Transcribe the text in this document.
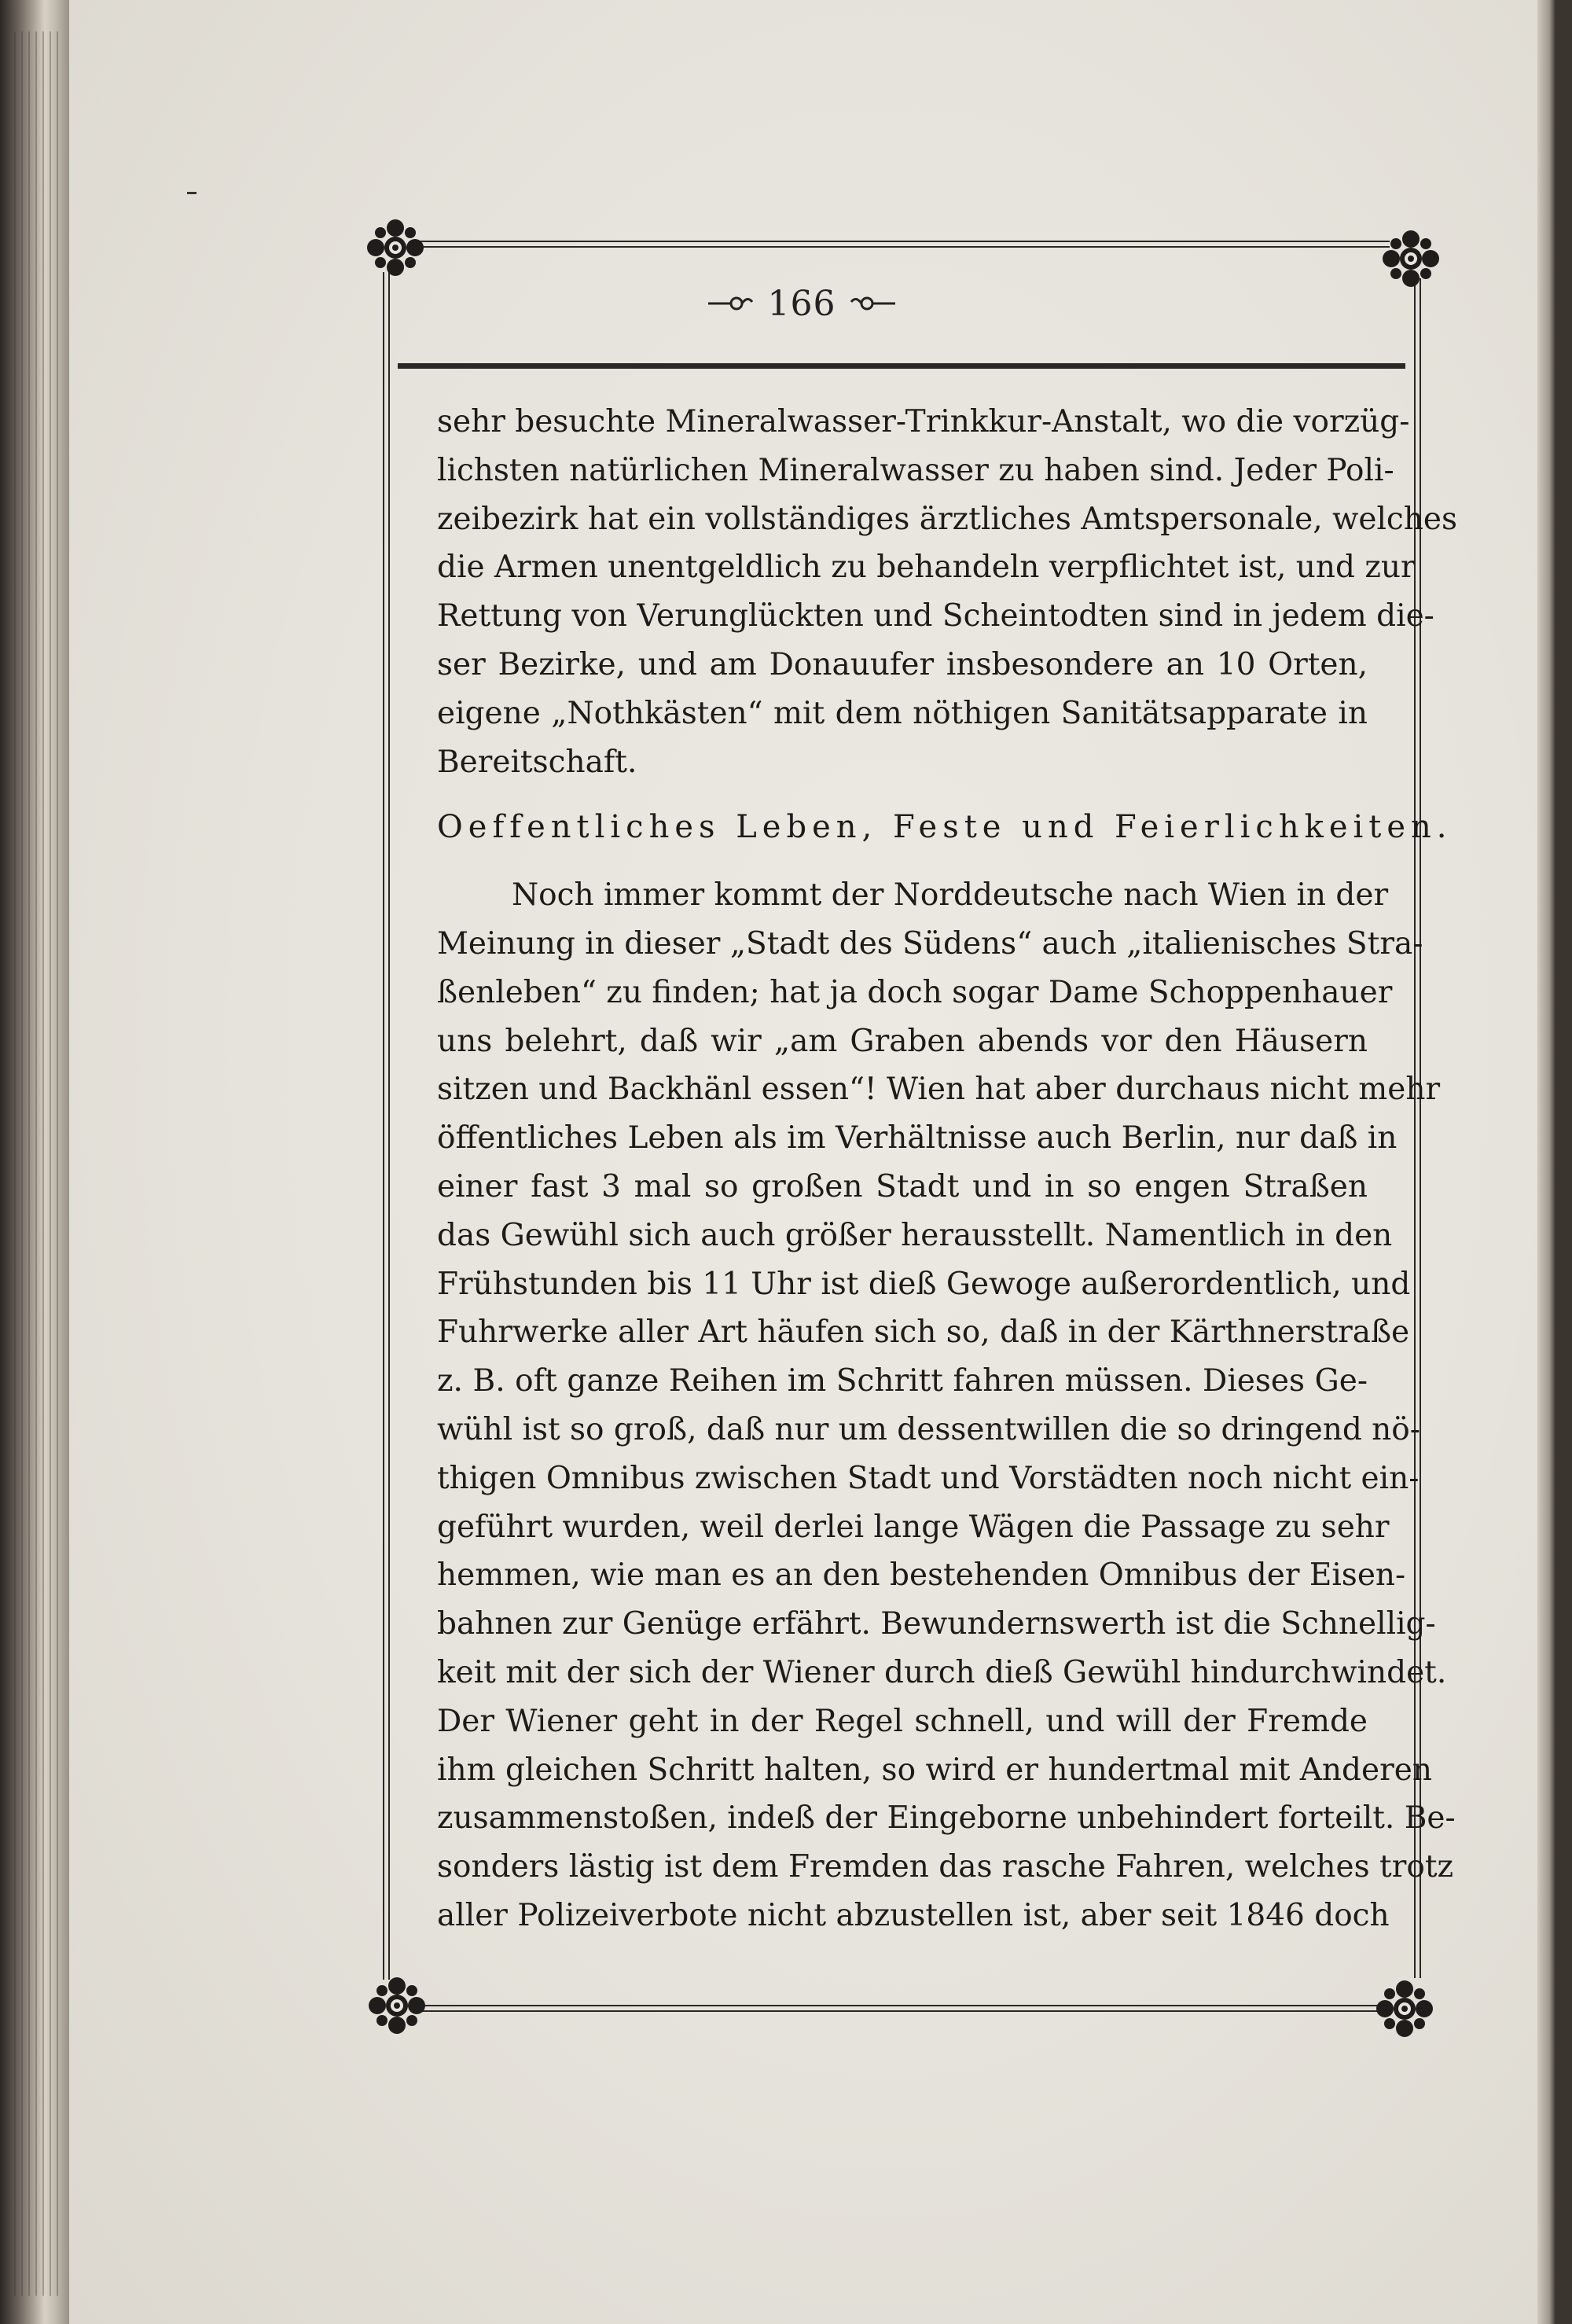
166
sehr besuchte Mineralwasser-Trinkkur-Anstalt, wo die vorzüg-
lichsten natürlichen Mineralwasser zu haben sind. Jeder Poli-
zeibezirk hat ein vollständiges ärztliches Amtspersonale, welches
die Armen unentgeldlich zu behandeln verpflichtet ist, und zur
Rettung von Verunglückten und Scheintodten sind in jedem die-
ser Bezirke, und am Donauufer insbesondere an 10 Orten,
eigene „Nothkästen“ mit dem nöthigen Sanitätsapparate in
Bereitschaft.
Oeffentliches Leben, Feste und Feierlichkeiten.
Noch immer kommt der Norddeutsche nach Wien in der
Meinung in dieser „Stadt des Südens“ auch „italienisches Stra-
ßenleben“ zu finden; hat ja doch sogar Dame Schoppenhauer
uns belehrt, daß wir „am Graben abends vor den Häusern
sitzen und Backhänl essen“! Wien hat aber durchaus nicht mehr
öffentliches Leben als im Verhältnisse auch Berlin, nur daß in
einer fast 3 mal so großen Stadt und in so engen Straßen
das Gewühl sich auch größer herausstellt. Namentlich in den
Frühstunden bis 11 Uhr ist dieß Gewoge außerordentlich, und
Fuhrwerke aller Art häufen sich so, daß in der Kärthnerstraße
z. B. oft ganze Reihen im Schritt fahren müssen. Dieses Ge-
wühl ist so groß, daß nur um dessentwillen die so dringend nö-
thigen Omnibus zwischen Stadt und Vorstädten noch nicht ein-
geführt wurden, weil derlei lange Wägen die Passage zu sehr
hemmen, wie man es an den bestehenden Omnibus der Eisen-
bahnen zur Genüge erfährt. Bewundernswerth ist die Schnellig-
keit mit der sich der Wiener durch dieß Gewühl hindurchwindet.
Der Wiener geht in der Regel schnell, und will der Fremde
ihm gleichen Schritt halten, so wird er hundertmal mit Anderen
zusammenstoßen, indeß der Eingeborne unbehindert forteilt. Be-
sonders lästig ist dem Fremden das rasche Fahren, welches trotz
aller Polizeiverbote nicht abzustellen ist, aber seit 1846 doch
